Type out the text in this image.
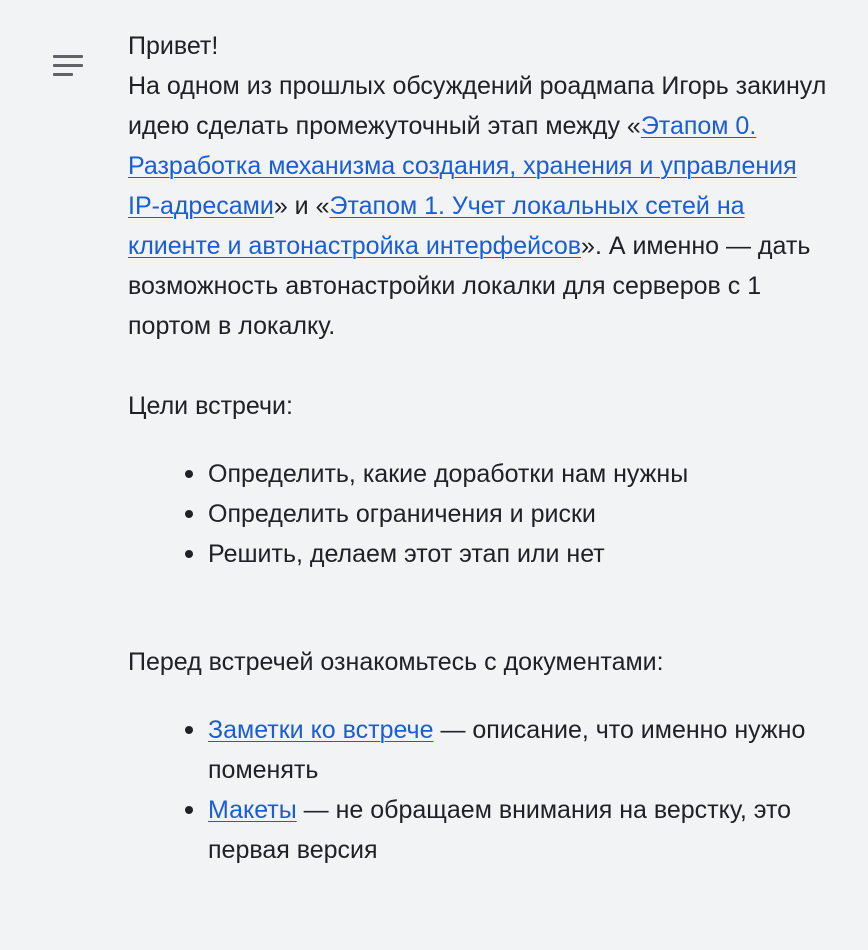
Привет!

На одном из прошлых обсуждений роадмапа Игорь закинул идею сделать промежуточный этап между «Этапом 0. Разработка механизма создания, хранения и управления IP-адресами» и «Этапом 1. Учет локальных сетей на клиенте и автонастройка интерфейсов». А именно — дать возможность автонастройки локалки для серверов с 1 портом в локалку.

Цели встречи:

Определить, какие доработки нам нужны
Определить ограничения и риски
Решить, делаем этот этап или нет

Перед встречей ознакомьтесь с документами:

Заметки ко встрече — описание, что именно нужно поменять
Макеты — не обращаем внимания на верстку, это первая версия
